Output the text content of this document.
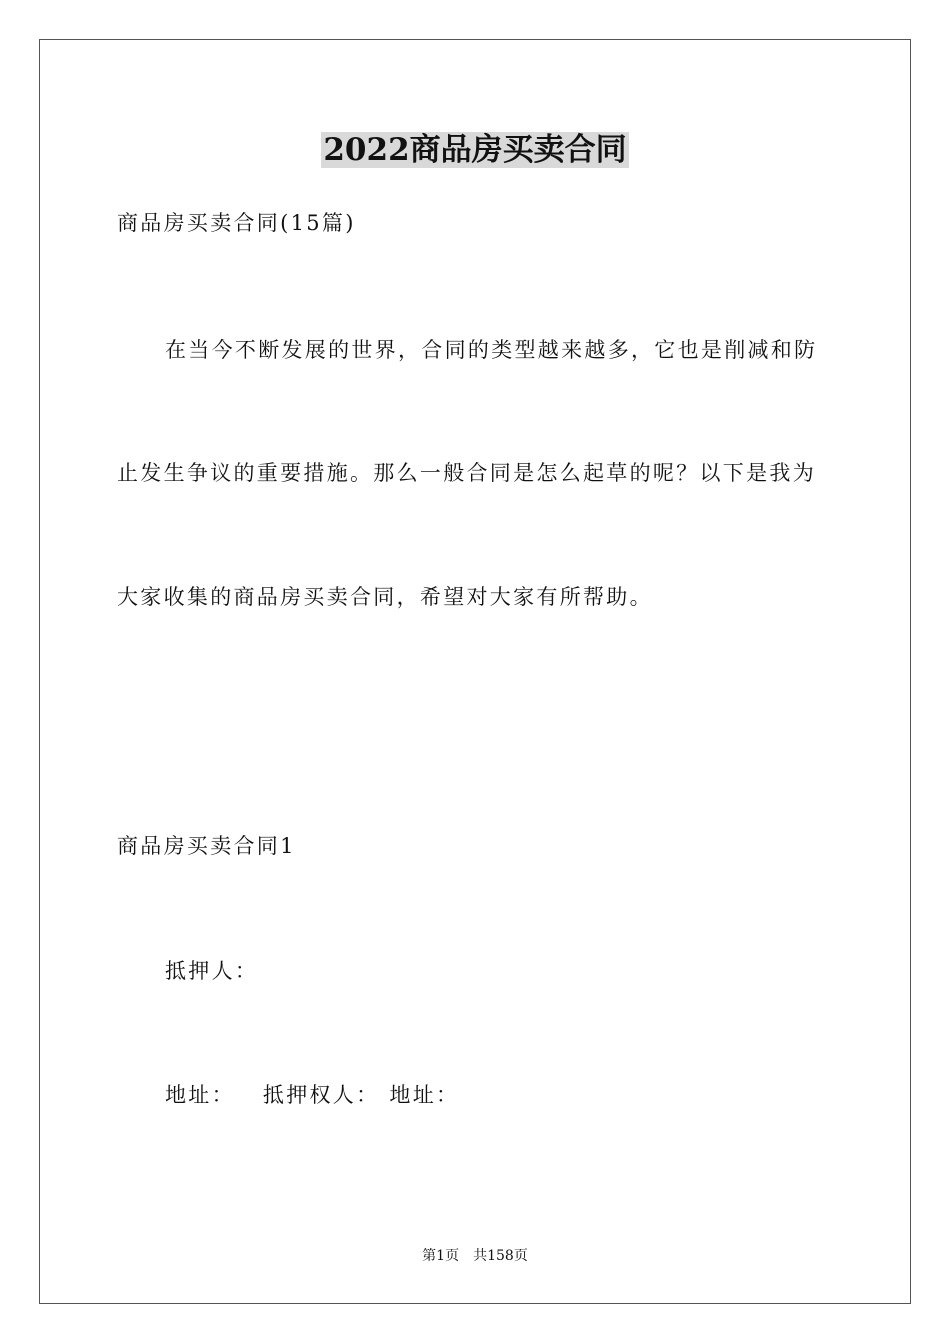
2022商品房买卖合同
商品房买卖合同(15篇)
在当今不断发展的世界，合同的类型越来越多，它也是削减和防
止发生争议的重要措施。那么一般合同是怎么起草的呢？以下是我为
大家收集的商品房买卖合同，希望对大家有所帮助。
商品房买卖合同1
抵押人：
地址： 抵押权人： 地址：
第1页 共158页
